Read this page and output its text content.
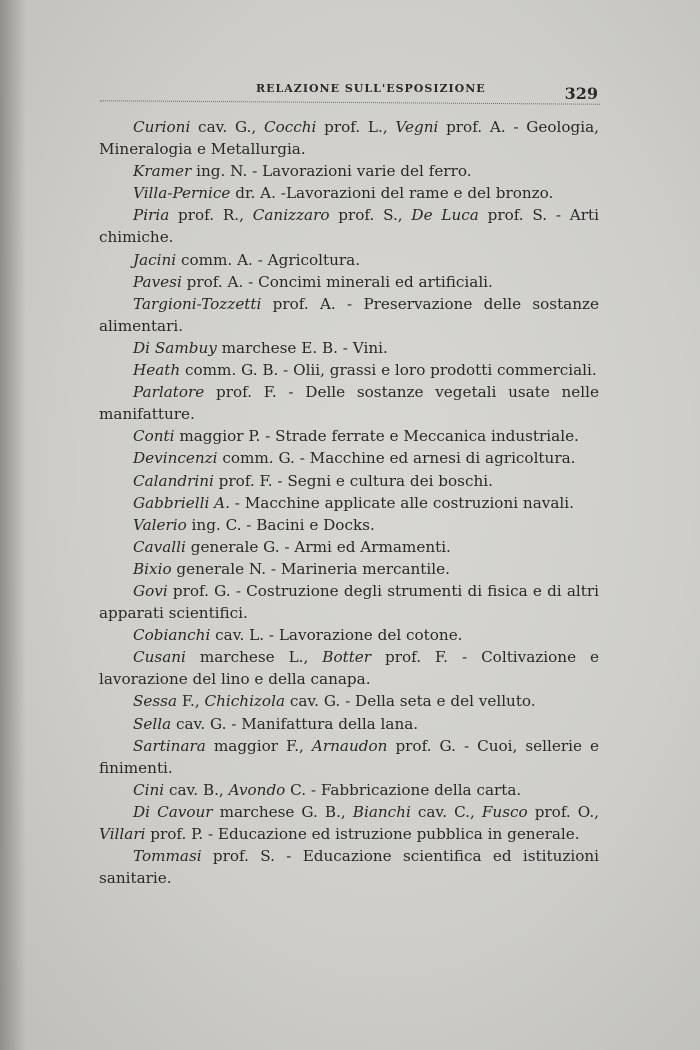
RELAZIONE SULL'ESPOSIZIONE	329

Curioni cav. G., Cocchi prof. L., Vegni prof. A. - Geologia, Mineralogia e Metallurgia.

Kramer ing. N. - Lavorazioni varie del ferro.

Villa-Pernice dr. A. -Lavorazioni del rame e del bronzo.

Piria prof. R., Canizzaro prof. S., De Luca prof. S. - Arti chimiche.

Jacini comm. A. - Agricoltura.

Pavesi prof. A. - Concimi minerali ed artificiali.

Targioni-Tozzetti prof. A. - Preservazione delle sostanze alimentari.

Di Sambuy marchese E. B. - Vini.

Heath comm. G. B. - Olii, grassi e loro prodotti commerciali.

Parlatore prof. F. - Delle sostanze vegetali usate nelle manifatture.

Conti maggior P. - Strade ferrate e Meccanica industriale.

Devincenzi comm. G. - Macchine ed arnesi di agricoltura.

Calandrini prof. F. - Segni e cultura dei boschi.

Gabbrielli A. - Macchine applicate alle costruzioni navali.

Valerio ing. C. - Bacini e Docks.

Cavalli generale G. - Armi ed Armamenti.

Bixio generale N. - Marineria mercantile.

Govi prof. G. - Costruzione degli strumenti di fisica e di altri apparati scientifici.

Cobianchi cav. L. - Lavorazione del cotone.

Cusani marchese L., Botter prof. F. - Coltivazione e lavorazione del lino e della canapa.

Sessa F., Chichizola cav. G. - Della seta e del velluto.

Sella cav. G. - Manifattura della lana.

Sartinara maggior F., Arnaudon prof. G. - Cuoi, sellerie e finimenti.

Cini cav. B., Avondo C. - Fabbricazione della carta.

Di Cavour marchese G. B., Bianchi cav. C., Fusco prof. O., Villari prof. P. - Educazione ed istruzione pubblica in generale.

Tommasi prof. S. - Educazione scientifica ed istituzioni sanitarie.
